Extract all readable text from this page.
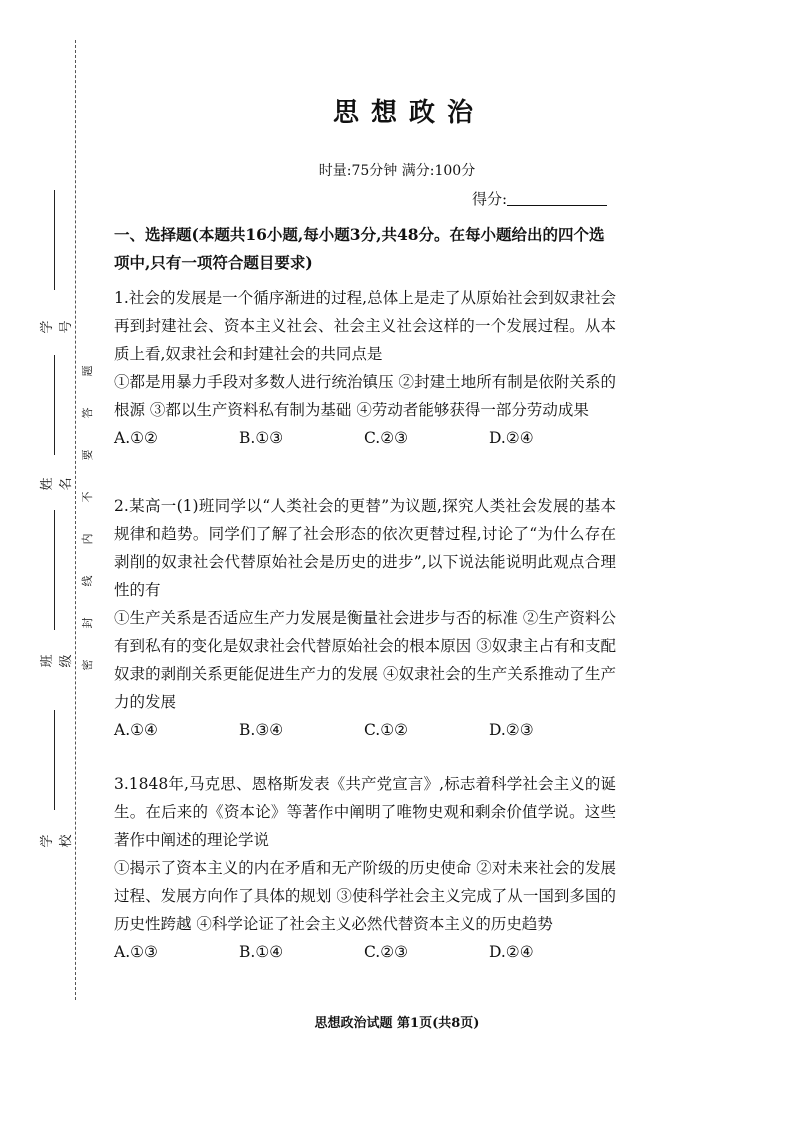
学号
姓名
班级
学校
题
答
要
不
内
线
封
密
思想政治
时量:75分钟 满分:100分
得分:
一、选择题(本题共16小题,每小题3分,共48分。在每小题给出的四个选项中,只有一项符合题目要求)

1.社会的发展是一个循序渐进的过程,总体上是走了从原始社会到奴隶社会再到封建社会、资本主义社会、社会主义社会这样的一个发展过程。从本质上看,奴隶社会和封建社会的共同点是

①都是用暴力手段对多数人进行统治镇压 ②封建土地所有制是依附关系的根源 ③都以生产资料私有制为基础 ④劳动者能够获得一部分劳动成果

A.①②	B.①③	C.②③	D.②④

2.某高一(1)班同学以“人类社会的更替”为议题,探究人类社会发展的基本规律和趋势。同学们了解了社会形态的依次更替过程,讨论了“为什么存在剥削的奴隶社会代替原始社会是历史的进步”,以下说法能说明此观点合理性的有

①生产关系是否适应生产力发展是衡量社会进步与否的标准 ②生产资料公有到私有的变化是奴隶社会代替原始社会的根本原因 ③奴隶主占有和支配奴隶的剥削关系更能促进生产力的发展 ④奴隶社会的生产关系推动了生产力的发展

A.①④	B.③④	C.①②	D.②③

3.1848年,马克思、恩格斯发表《共产党宣言》,标志着科学社会主义的诞生。在后来的《资本论》等著作中阐明了唯物史观和剩余价值学说。这些著作中阐述的理论学说

①揭示了资本主义的内在矛盾和无产阶级的历史使命 ②对未来社会的发展过程、发展方向作了具体的规划 ③使科学社会主义完成了从一国到多国的历史性跨越 ④科学论证了社会主义必然代替资本主义的历史趋势

A.①③	B.①④	C.②③	D.②④
思想政治试题 第1页(共8页)
